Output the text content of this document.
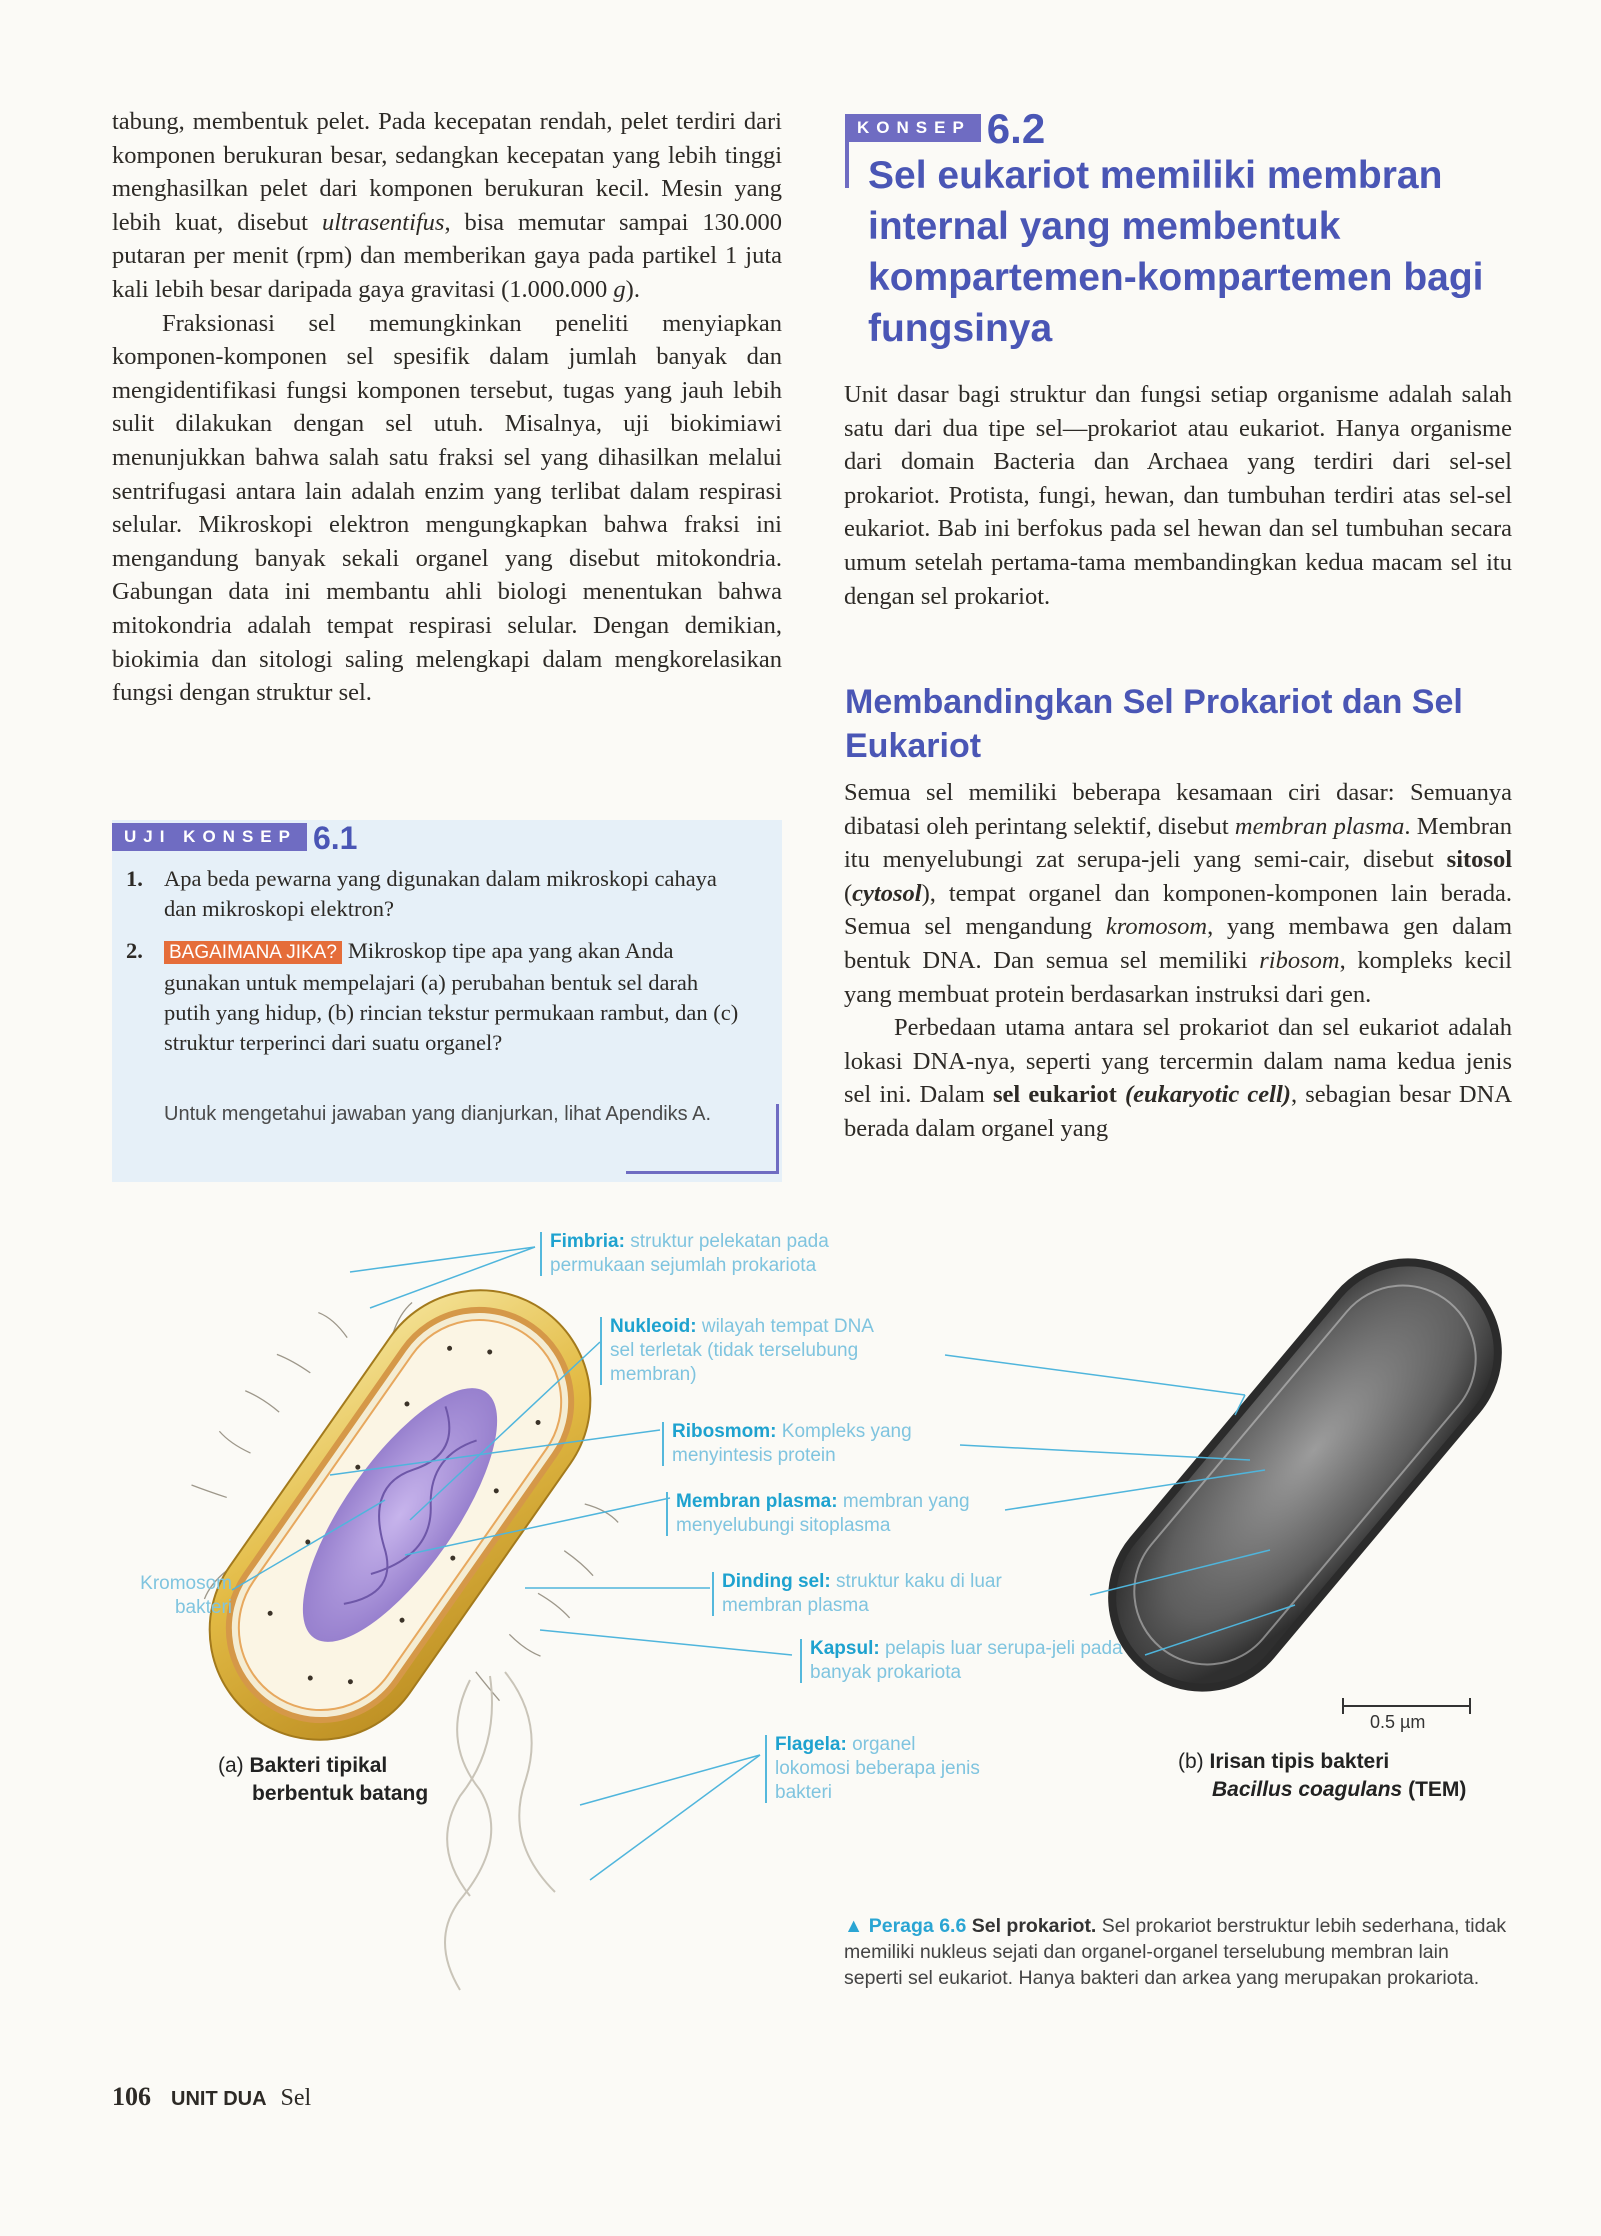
tabung, membentuk pelet. Pada kecepatan rendah, pelet terdiri dari komponen berukuran besar, sedangkan kecepatan yang lebih tinggi menghasilkan pelet dari komponen berukuran kecil. Mesin yang lebih kuat, disebut ultrasentifus, bisa memutar sampai 130.000 putaran per menit (rpm) dan memberikan gaya pada partikel 1 juta kali lebih besar daripada gaya gravitasi (1.000.000 g).

Fraksionasi sel memungkinkan peneliti menyiapkan komponen-komponen sel spesifik dalam jumlah banyak dan mengidentifikasi fungsi komponen tersebut, tugas yang jauh lebih sulit dilakukan dengan sel utuh. Misalnya, uji biokimiawi menunjukkan bahwa salah satu fraksi sel yang dihasilkan melalui sentrifugasi antara lain adalah enzim yang terlibat dalam respirasi selular. Mikroskopi elektron mengungkapkan bahwa fraksi ini mengandung banyak sekali organel yang disebut mitokondria. Gabungan data ini membantu ahli biologi menentukan bahwa mitokondria adalah tempat respirasi selular. Dengan demikian, biokimia dan sitologi saling melengkapi dalam mengkorelasikan fungsi dengan struktur sel.

UJI KONSEP 6.1
1. Apa beda pewarna yang digunakan dalam mikroskopi cahaya dan mikroskopi elektron?
2. BAGAIMANA JIKA? Mikroskop tipe apa yang akan Anda gunakan untuk mempelajari (a) perubahan bentuk sel darah putih yang hidup, (b) rincian tekstur permukaan rambut, dan (c) struktur terperinci dari suatu organel?
Untuk mengetahui jawaban yang dianjurkan, lihat Apendiks A.
KONSEP 6.2
Sel eukariot memiliki membran internal yang membentuk kompartemen-kompartemen bagi fungsinya

Unit dasar bagi struktur dan fungsi setiap organisme adalah salah satu dari dua tipe sel—prokariot atau eukariot. Hanya organisme dari domain Bacteria dan Archaea yang terdiri dari sel-sel prokariot. Protista, fungi, hewan, dan tumbuhan terdiri atas sel-sel eukariot. Bab ini berfokus pada sel hewan dan sel tumbuhan secara umum setelah pertama-tama membandingkan kedua macam sel itu dengan sel prokariot.

Membandingkan Sel Prokariot dan Sel Eukariot

Semua sel memiliki beberapa kesamaan ciri dasar: Semuanya dibatasi oleh perintang selektif, disebut membran plasma. Membran itu menyelubungi zat serupa-jeli yang semi-cair, disebut sitosol (cytosol), tempat organel dan komponen-komponen lain berada. Semua sel mengandung kromosom, yang membawa gen dalam bentuk DNA. Dan semua sel memiliki ribosom, kompleks kecil yang membuat protein berdasarkan instruksi dari gen.

Perbedaan utama antara sel prokariot dan sel eukariot adalah lokasi DNA-nya, seperti yang tercermin dalam nama kedua jenis sel ini. Dalam sel eukariot (eukaryotic cell), sebagian besar DNA berada dalam organel yang

Fimbria: struktur pelekatan pada permukaan sejumlah prokariota
Nukleoid: wilayah tempat DNA sel terletak (tidak terselubung membran)
Ribosmom: Kompleks yang menyintesis protein
Membran plasma: membran yang menyelubungi sitoplasma
Dinding sel: struktur kaku di luar membran plasma
Kapsul: pelapis luar serupa-jeli pada banyak prokariota
Flagela: organel lokomosi beberapa jenis bakteri
Kromosom bakteri
(a) Bakteri tipikal
berbentuk batang
(b) Irisan tipis bakteri
Bacillus coagulans (TEM)
0.5 µm
▲ Peraga 6.6 Sel prokariot. Sel prokariot berstruktur lebih sederhana, tidak memiliki nukleus sejati dan organel-organel terselubung membran lain seperti sel eukariot. Hanya bakteri dan arkea yang merupakan prokariota.
106 UNIT DUA Sel
